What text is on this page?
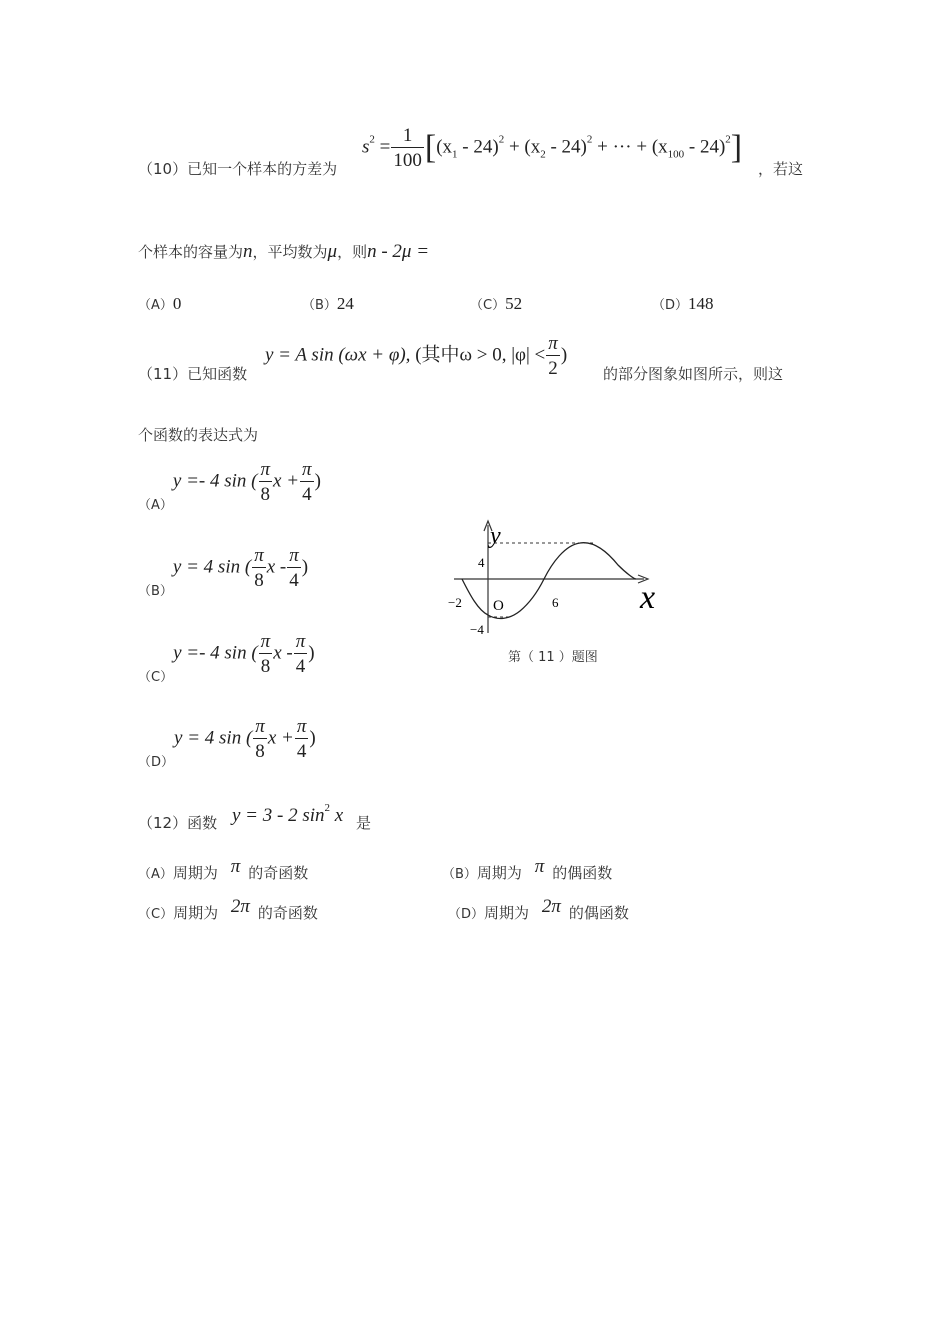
（10）已知一个样本的方差为
$s^2 = \frac{1}{100} [(x_1 - 24)^2 + (x_2 - 24)^2$ + ··· + $(x_{100} - 24)^2$]
，若这
个样本的容量为n，平均数为μ，则n - 2μ =
（A）0	（B）24	（C）52	（D）148
（11）已知函数
y = A sin (ωx + φ), (其中ω > 0, $|\varphi| < \frac{\pi}{2}$ )
的部分图象如图所示，则这
个函数的表达式为
$_{(A)}$y =- 4 sin ( $\frac{\pi}{8}$ $x + \frac{\pi}{4}$ )
$_{(B)}$y = 4 sin ( $\frac{\pi}{8}$ x - $\frac{\pi}{4}$ )
$_{(C)}$y =- 4 sin ( $\frac{\pi}{8}$ x - $\frac{\pi}{4}$ )
$_{(D)}$y = 4 sin ( $\frac{\pi}{8}$ $x + \frac{\pi}{4}$ )
y
x
O
4
−4
−2	6
第（ 11 ）题图
（12）函数 y = 3 - 2 $\sin^2 x$ 是
（A）周期为 π 的奇函数	（B）周期为 π 的偶函数
（C）周期为 2π 的奇函数	（D）周期为 2π 的偶函数
